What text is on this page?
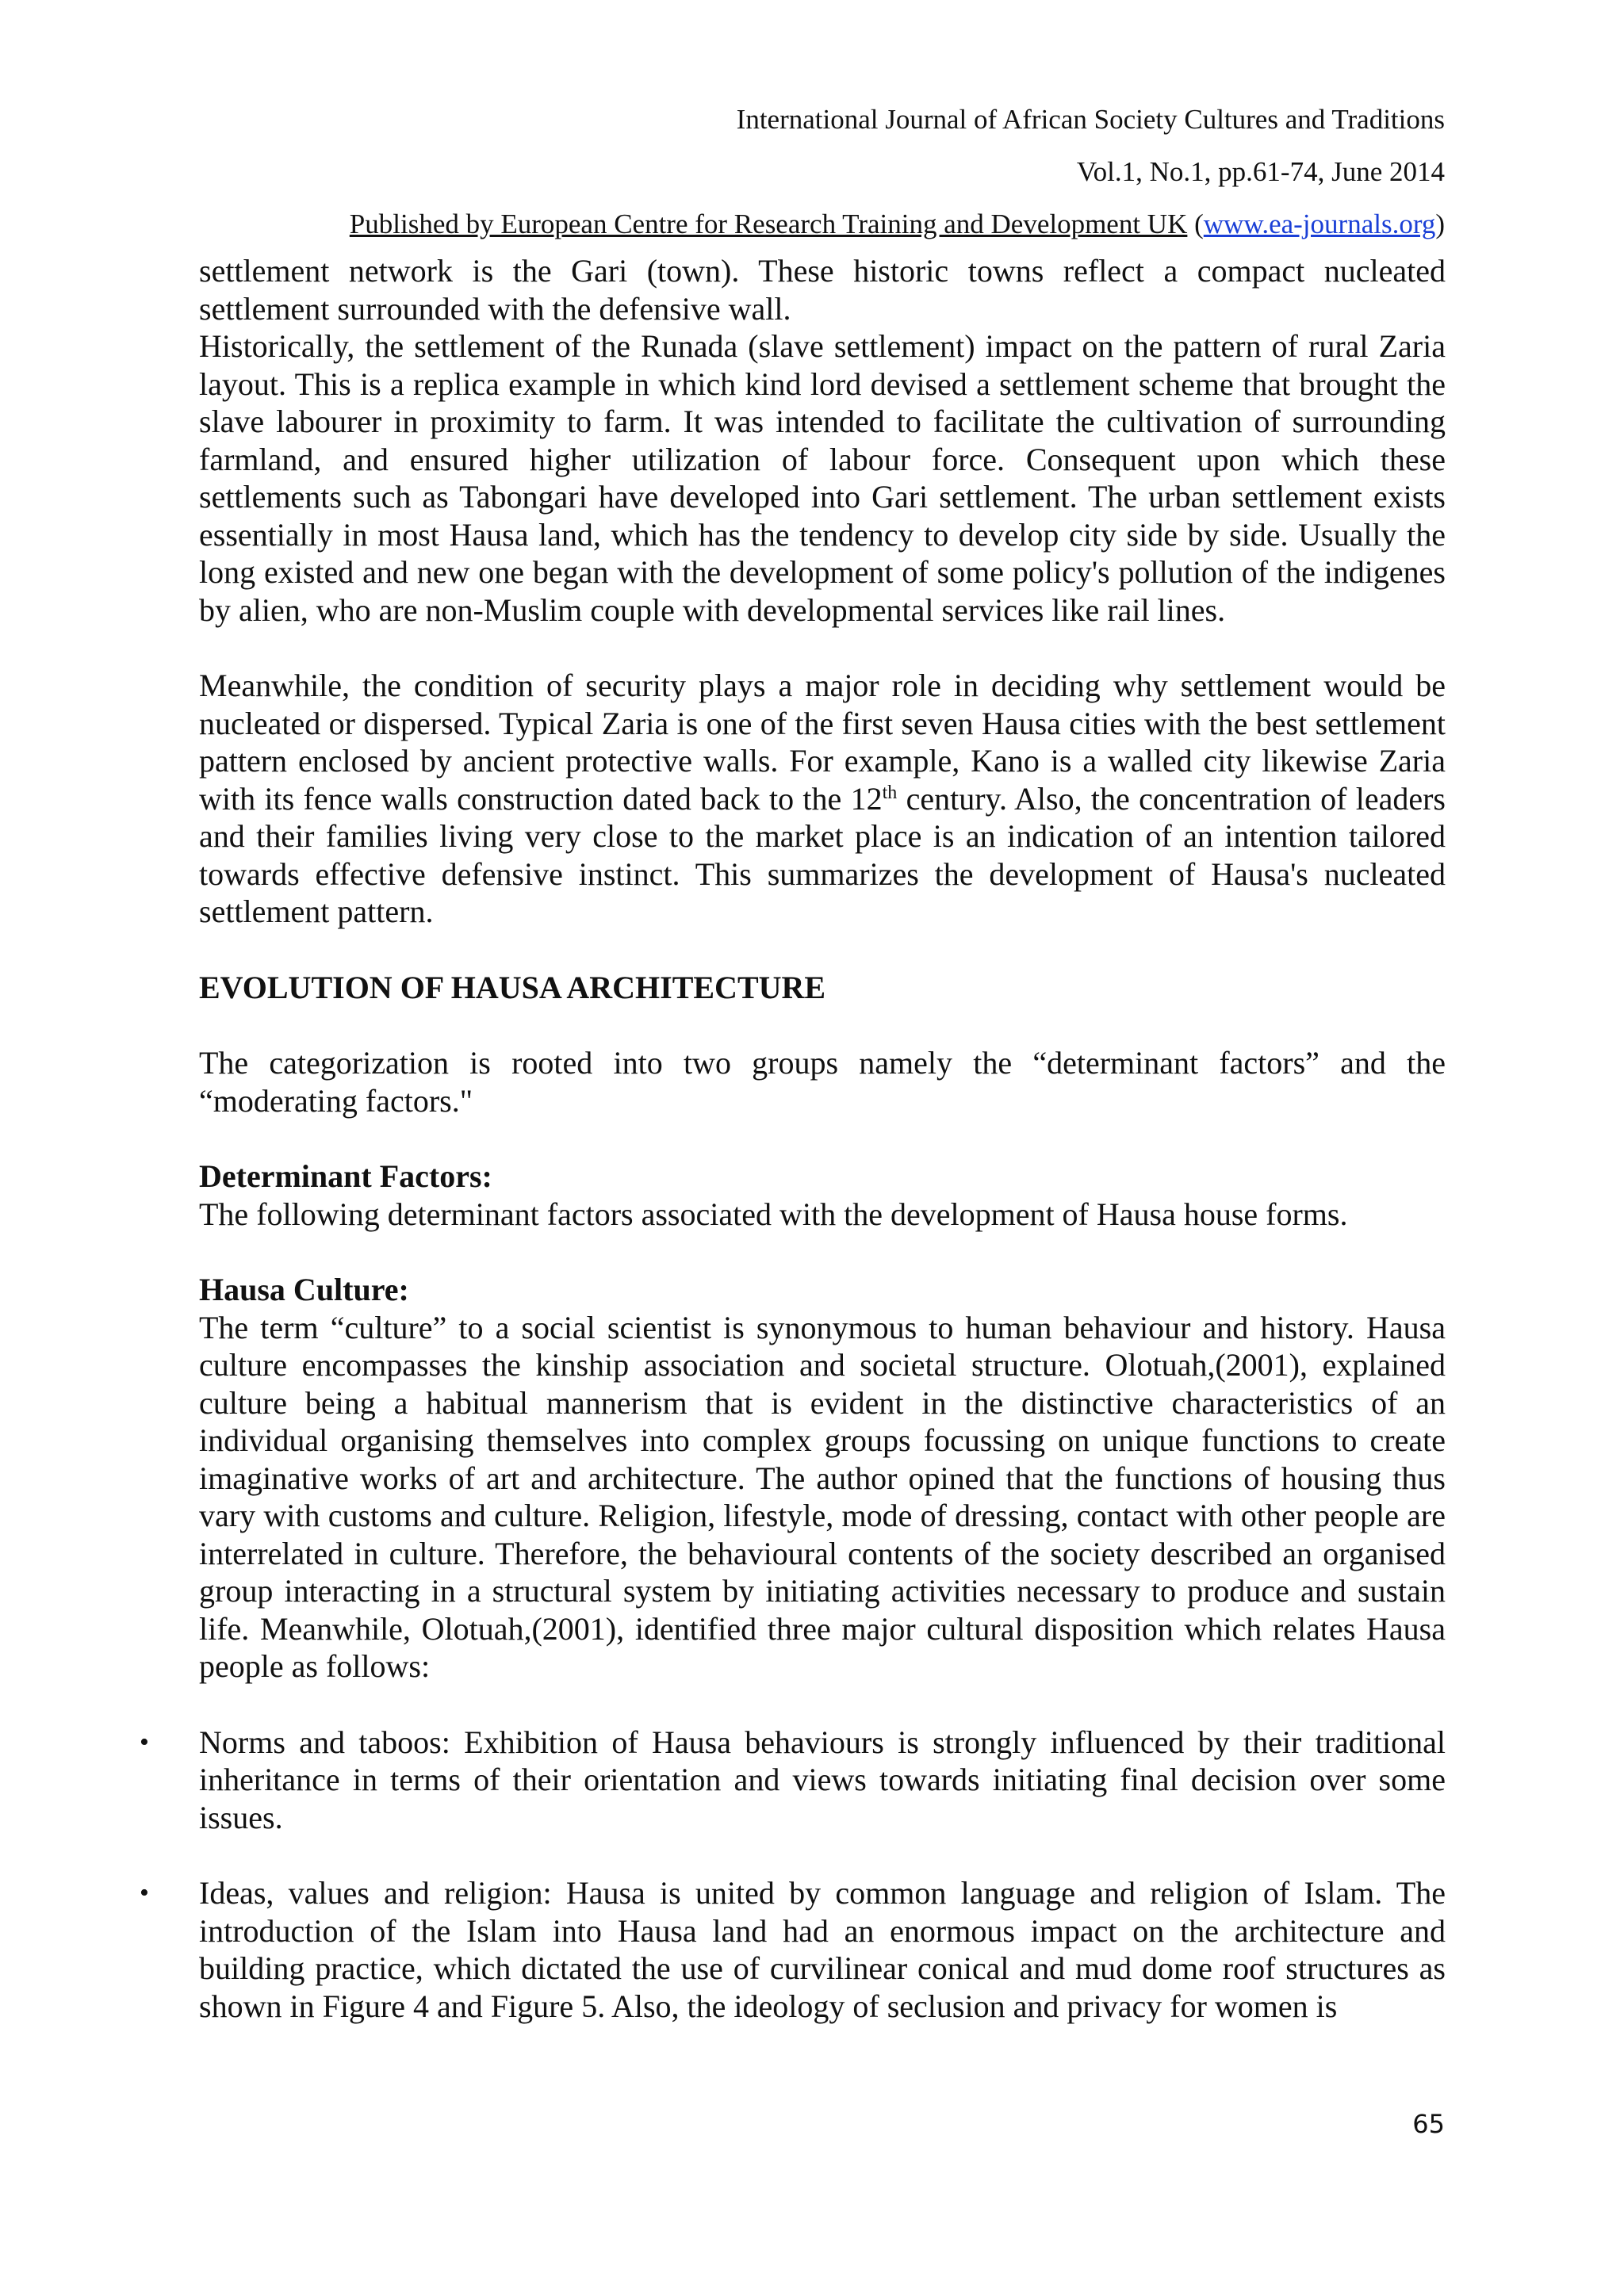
International Journal of African Society Cultures and Traditions
Vol.1, No.1, pp.61-74, June 2014
Published by European Centre for Research Training and Development UK (www.ea-journals.org)

settlement network is the Gari (town). These historic towns reflect a compact nucleated settlement surrounded with the defensive wall.

Historically, the settlement of the Runada (slave settlement) impact on the pattern of rural Zaria layout. This is a replica example in which kind lord devised a settlement scheme that brought the slave labourer in proximity to farm. It was intended to facilitate the cultivation of surrounding farmland, and ensured higher utilization of labour force. Consequent upon which these settlements such as Tabongari have developed into Gari settlement. The urban settlement exists essentially in most Hausa land, which has the tendency to develop city side by side. Usually the long existed and new one began with the development of some policy's pollution of the indigenes by alien, who are non-Muslim couple with developmental services like rail lines.

Meanwhile, the condition of security plays a major role in deciding why settlement would be nucleated or dispersed. Typical Zaria is one of the first seven Hausa cities with the best settlement pattern enclosed by ancient protective walls. For example, Kano is a walled city likewise Zaria with its fence walls construction dated back to the 12th century. Also, the concentration of leaders and their families living very close to the market place is an indication of an intention tailored towards effective defensive instinct. This summarizes the development of Hausa's nucleated settlement pattern.

EVOLUTION OF HAUSA ARCHITECTURE

The categorization is rooted into two groups namely the “determinant factors” and the “moderating factors."

Determinant Factors:

The following determinant factors associated with the development of Hausa house forms.

Hausa Culture:

The term “culture” to a social scientist is synonymous to human behaviour and history. Hausa culture encompasses the kinship association and societal structure. Olotuah,(2001), explained culture being a habitual mannerism that is evident in the distinctive characteristics of an individual organising themselves into complex groups focussing on unique functions to create imaginative works of art and architecture. The author opined that the functions of housing thus vary with customs and culture. Religion, lifestyle, mode of dressing, contact with other people are interrelated in culture. Therefore, the behavioural contents of the society described an organised group interacting in a structural system by initiating activities necessary to produce and sustain life. Meanwhile, Olotuah,(2001), identified three major cultural disposition which relates Hausa people as follows:

• Norms and taboos: Exhibition of Hausa behaviours is strongly influenced by their traditional inheritance in terms of their orientation and views towards initiating final decision over some issues.
• Ideas, values and religion: Hausa is united by common language and religion of Islam. The introduction of the Islam into Hausa land had an enormous impact on the architecture and building practice, which dictated the use of curvilinear conical and mud dome roof structures as shown in Figure 4 and Figure 5. Also, the ideology of seclusion and privacy for women is
65
